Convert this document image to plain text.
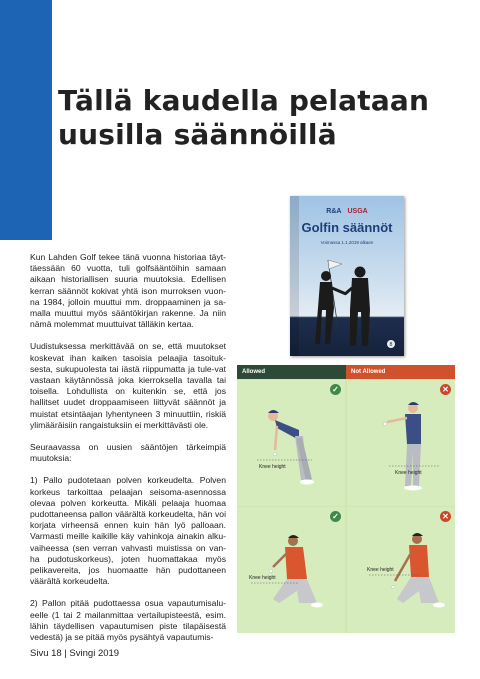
Tällä kaudella pelataan
uusilla säännöillä

Kun Lahden Golf tekee tänä vuonna historiaa täyt-täessään 60 vuotta, tuli golfsääntöihin samaan aikaan historiallisen suuria muutoksia. Edellisen kerran säännöt kokivat yhtä ison murroksen vuon-na 1984, jolloin muuttui mm. droppaaminen ja sa-malla muuttui myös sääntökirjan rakenne. Ja niin nämä molemmat muuttuivat tälläkin kertaa.

Uudistuksessa merkittävää on se, että muutokset koskevat ihan kaiken tasoisia pelaajia tasoituk-sesta, sukupuolesta tai iästä riippumatta ja tule-vat vastaan käytännössä joka kierroksella tavalla tai toisella. Lohdullista on kuitenkin se, että jos hallitset uudet droppaamiseen liittyvät säännöt ja muistat etsintäajan lyhentyneen 3 minuuttiin, riskiä ylimääräisiin rangaistuksiin ei merkittävästi ole.

Seuraavassa on uusien sääntöjen tärkeimpiä muutoksia:

1) Pallo pudotetaan polven korkeudelta. Polven korkeus tarkoittaa pelaajan seisoma-asennossa olevaa polven korkeutta. Mikäli pelaaja huomaa pudottaneensa pallon väärältä korkeudelta, hän voi korjata virheensä ennen kuin hän lyö palloaan. Varmasti meille kaikille käy vahinkoja ainakin alku-vaiheessa (sen verran vahvasti muistissa on van-ha pudotuskorkeus), joten huomattakaa myös pelikavereita, jos huomaatte hän pudottaneen väärältä korkeudelta.

2) Pallon pitää pudottaessa osua vapautumisalu-eelle (1 tai 2 mailanmittaa vertailupisteestä, esim. lähin täydellisen vapautumisen piste tilapäisestä vedestä) ja se pitää myös pysähtyä vapautumis-

R&A USGA
Golfin säännöt
Voimassa 1.1.2019 alkaen
8
Allowed	Not Allowed
✓
Knee height
✕
Knee height
✓
Knee height
✕
Knee height
Sivu 18 | Svingi 2019
